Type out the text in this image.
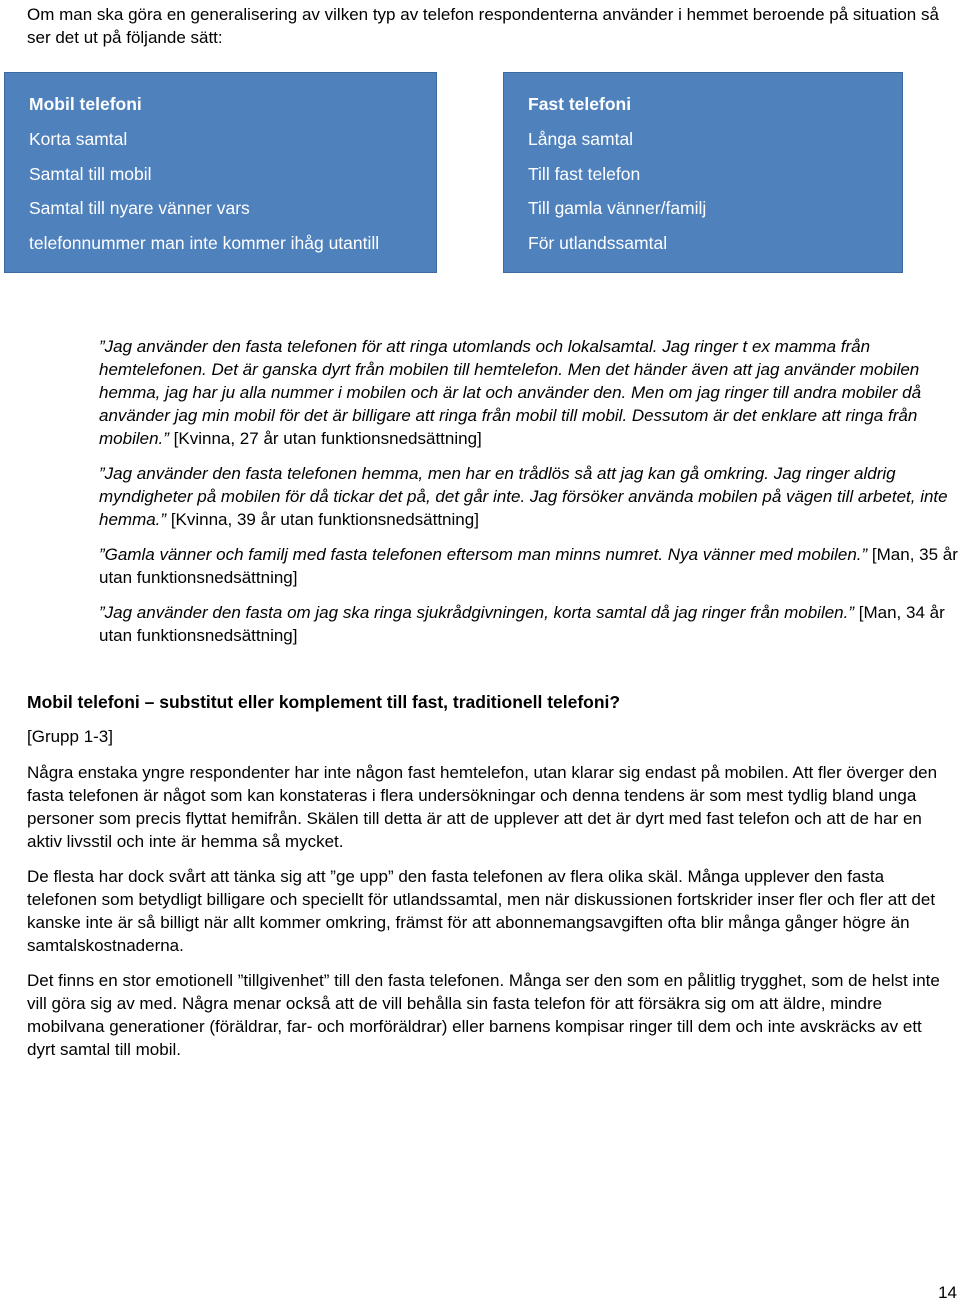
Om man ska göra en generalisering av vilken typ av telefon respondenterna använder i hemmet beroende på situation så ser det ut på följande sätt:

Mobil telefoni
Korta samtal
Samtal till mobil
Samtal till nyare vänner vars
telefonnummer man inte kommer ihåg utantill
Fast telefoni
Långa samtal
Till fast telefon
Till gamla vänner/familj
För utlandssamtal

”Jag använder den fasta telefonen för att ringa utomlands och lokalsamtal. Jag ringer t ex mamma från hemtelefonen. Det är ganska dyrt från mobilen till hemtelefon. Men det händer även att jag använder mobilen hemma, jag har ju alla nummer i mobilen och är lat och använder den. Men om jag ringer till andra mobiler då använder jag min mobil för det är billigare att ringa från mobil till mobil. Dessutom är det enklare att ringa från mobilen.” [Kvinna, 27 år utan funktionsnedsättning]

”Jag använder den fasta telefonen hemma, men har en trådlös så att jag kan gå omkring. Jag ringer aldrig myndigheter på mobilen för då tickar det på, det går inte. Jag försöker använda mobilen på vägen till arbetet, inte hemma.” [Kvinna, 39 år utan funktionsnedsättning]

”Gamla vänner och familj med fasta telefonen eftersom man minns numret. Nya vänner med mobilen.” [Man, 35 år utan funktionsnedsättning]

”Jag använder den fasta om jag ska ringa sjukrådgivningen, korta samtal då jag ringer från mobilen.” [Man, 34 år utan funktionsnedsättning]

Mobil telefoni – substitut eller komplement till fast, traditionell telefoni?
[Grupp 1-3]

Några enstaka yngre respondenter har inte någon fast hemtelefon, utan klarar sig endast på mobilen. Att fler överger den fasta telefonen är något som kan konstateras i flera undersökningar och denna tendens är som mest tydlig bland unga personer som precis flyttat hemifrån. Skälen till detta är att de upplever att det är dyrt med fast telefon och att de har en aktiv livsstil och inte är hemma så mycket.

De flesta har dock svårt att tänka sig att ”ge upp” den fasta telefonen av flera olika skäl. Många upplever den fasta telefonen som betydligt billigare och speciellt för utlandssamtal, men när diskussionen fortskrider inser fler och fler att det kanske inte är så billigt när allt kommer omkring, främst för att abonnemangsavgiften ofta blir många gånger högre än samtalskostnaderna.

Det finns en stor emotionell ”tillgivenhet” till den fasta telefonen. Många ser den som en pålitlig trygghet, som de helst inte vill göra sig av med. Några menar också att de vill behålla sin fasta telefon för att försäkra sig om att äldre, mindre mobilvana generationer (föräldrar, far- och morföräldrar) eller barnens kompisar ringer till dem och inte avskräcks av ett dyrt samtal till mobil.

14
